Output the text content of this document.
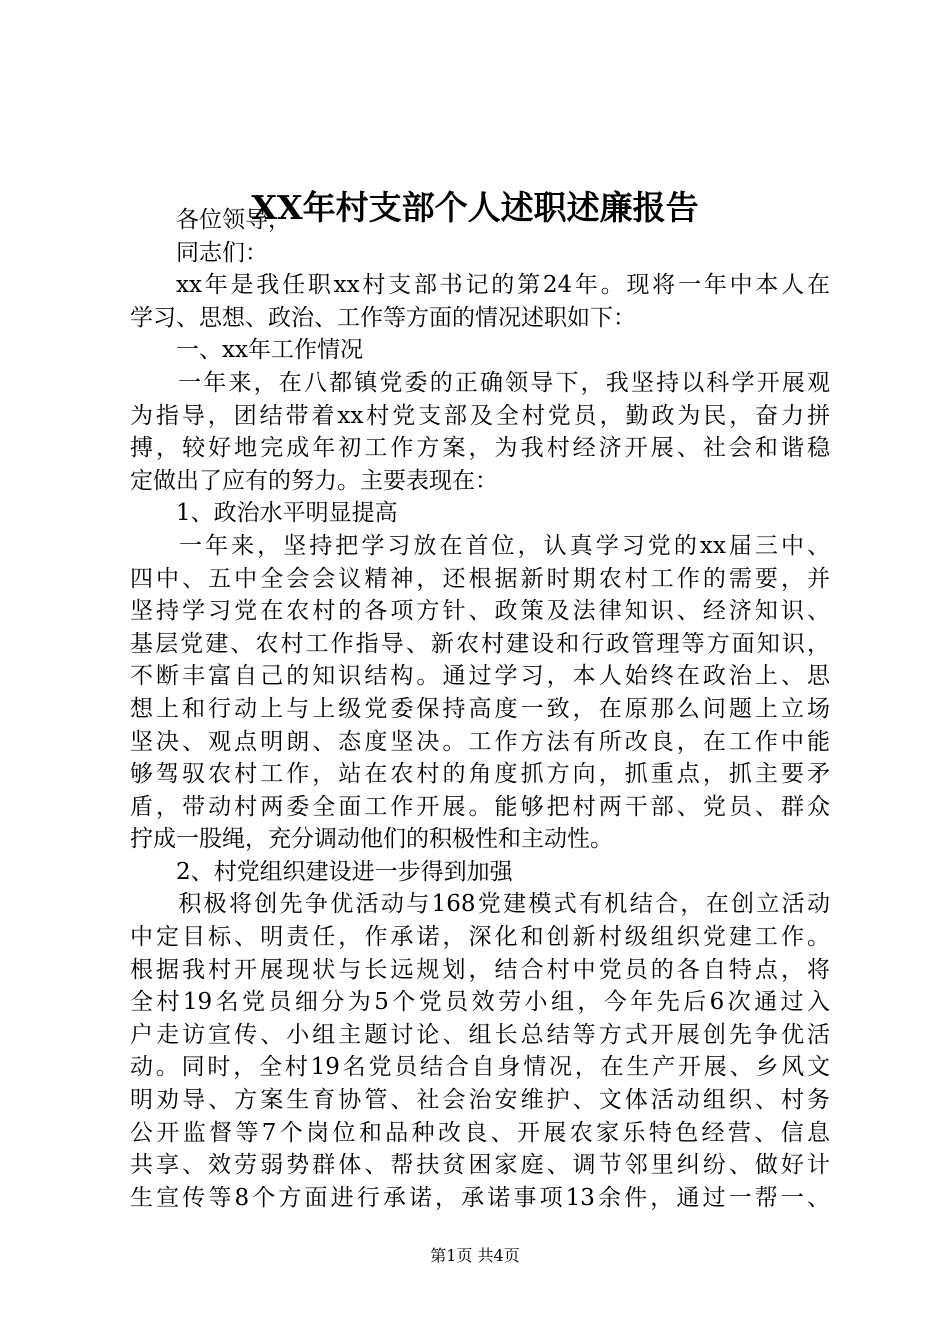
XX年村支部个人述职述廉报告
各位领导，
同志们：
xx年是我任职xx村支部书记的第24年。现将一年中本人在
学习、思想、政治、工作等方面的情况述职如下：
一、xx年工作情况
一年来，在八都镇党委的正确领导下，我坚持以科学开展观
为指导，团结带着xx村党支部及全村党员，勤政为民，奋力拼
搏，较好地完成年初工作方案，为我村经济开展、社会和谐稳
定做出了应有的努力。主要表现在：
1、政治水平明显提高
一年来，坚持把学习放在首位，认真学习党的xx届三中、
四中、五中全会会议精神，还根据新时期农村工作的需要，并
坚持学习党在农村的各项方针、政策及法律知识、经济知识、
基层党建、农村工作指导、新农村建设和行政管理等方面知识，
不断丰富自己的知识结构。通过学习，本人始终在政治上、思
想上和行动上与上级党委保持高度一致，在原那么问题上立场
坚决、观点明朗、态度坚决。工作方法有所改良，在工作中能
够驾驭农村工作，站在农村的角度抓方向，抓重点，抓主要矛
盾，带动村两委全面工作开展。能够把村两干部、党员、群众
拧成一股绳，充分调动他们的积极性和主动性。
2、村党组织建设进一步得到加强
积极将创先争优活动与168党建模式有机结合，在创立活动
中定目标、明责任，作承诺，深化和创新村级组织党建工作。
根据我村开展现状与长远规划，结合村中党员的各自特点，将
全村19名党员细分为5个党员效劳小组，今年先后6次通过入
户走访宣传、小组主题讨论、组长总结等方式开展创先争优活
动。同时，全村19名党员结合自身情况，在生产开展、乡风文
明劝导、方案生育协管、社会治安维护、文体活动组织、村务
公开监督等7个岗位和品种改良、开展农家乐特色经营、信息
共享、效劳弱势群体、帮扶贫困家庭、调节邻里纠纷、做好计
生宣传等8个方面进行承诺，承诺事项13余件，通过一帮一、
第1页 共4页
